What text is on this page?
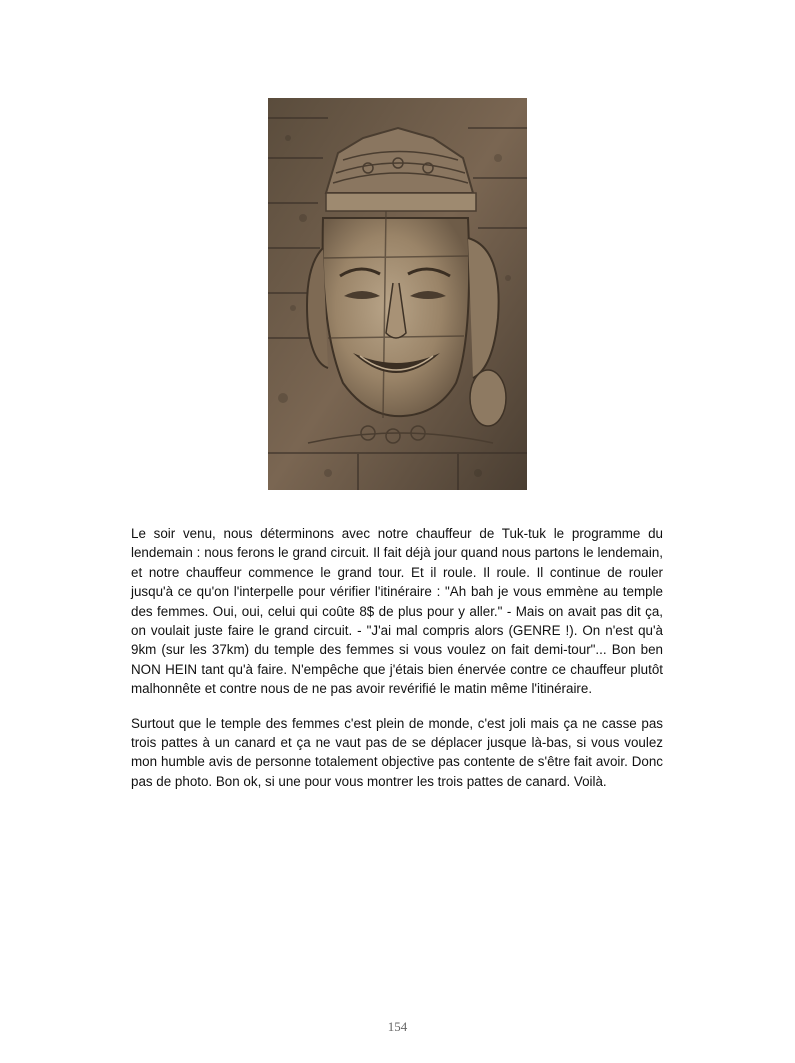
Le soir venu, nous déterminons avec notre chauffeur de Tuk-tuk le programme du lendemain : nous ferons le grand circuit. Il fait déjà jour quand nous partons le lendemain, et notre chauffeur commence le grand tour. Et il roule. Il roule. Il continue de rouler jusqu'à ce qu'on l'interpelle pour vérifier l'itinéraire : "Ah bah je vous emmène au temple des femmes. Oui, oui, celui qui coûte 8$ de plus pour y aller." - Mais on avait pas dit ça, on voulait juste faire le grand circuit. - "J'ai mal compris alors (GENRE !). On n'est qu'à 9km (sur les 37km) du temple des femmes si vous voulez on fait demi-tour"... Bon ben NON HEIN tant qu'à faire. N'empêche que j'étais bien énervée contre ce chauffeur plutôt malhonnête et contre nous de ne pas avoir revérifié le matin même l'itinéraire.

Surtout que le temple des femmes c'est plein de monde, c'est joli mais ça ne casse pas trois pattes à un canard et ça ne vaut pas de se déplacer jusque là-bas, si vous voulez mon humble avis de personne totalement objective pas contente de s'être fait avoir. Donc pas de photo. Bon ok, si une pour vous montrer les trois pattes de canard. Voilà.

154
